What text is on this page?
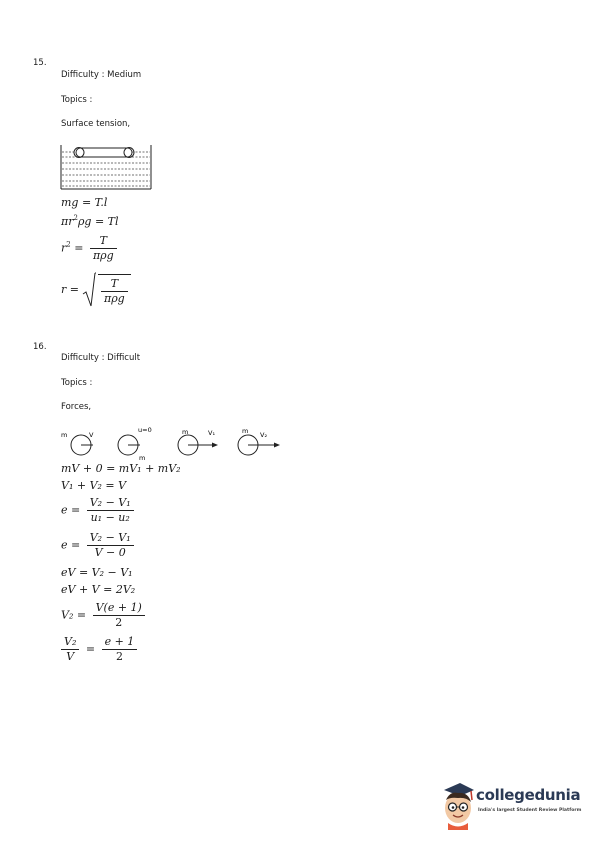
15.
Difficulty : Medium
Topics :
Surface tension,
mg = T.l
$\pi r^2\rho g = Tl$
$r^2 = \frac{T}{\text{πρg}}$
$r = \frac{T}{\text{πρg}}$
16.
Difficulty : Difficult
Topics :
Forces,
m	V
u=0
m
m	V₁	m V₂
mV + 0 = mV₁ + mV₂
V₁ + V₂ = V
$e = \frac{\text{V₂ − V₁}}{\text{u₁ − u₂}}$
$e = \frac{\text{V₂ − V₁}}{V - 0}$
eV = V₂ − V₁
eV + V = 2V₂
$V_2 = \frac{V(e + 1)}{2}$
$\frac{\text{V₂}}{V} = \frac{e + 1}{2}$
collegedunia
India's largest Student Review Platform
